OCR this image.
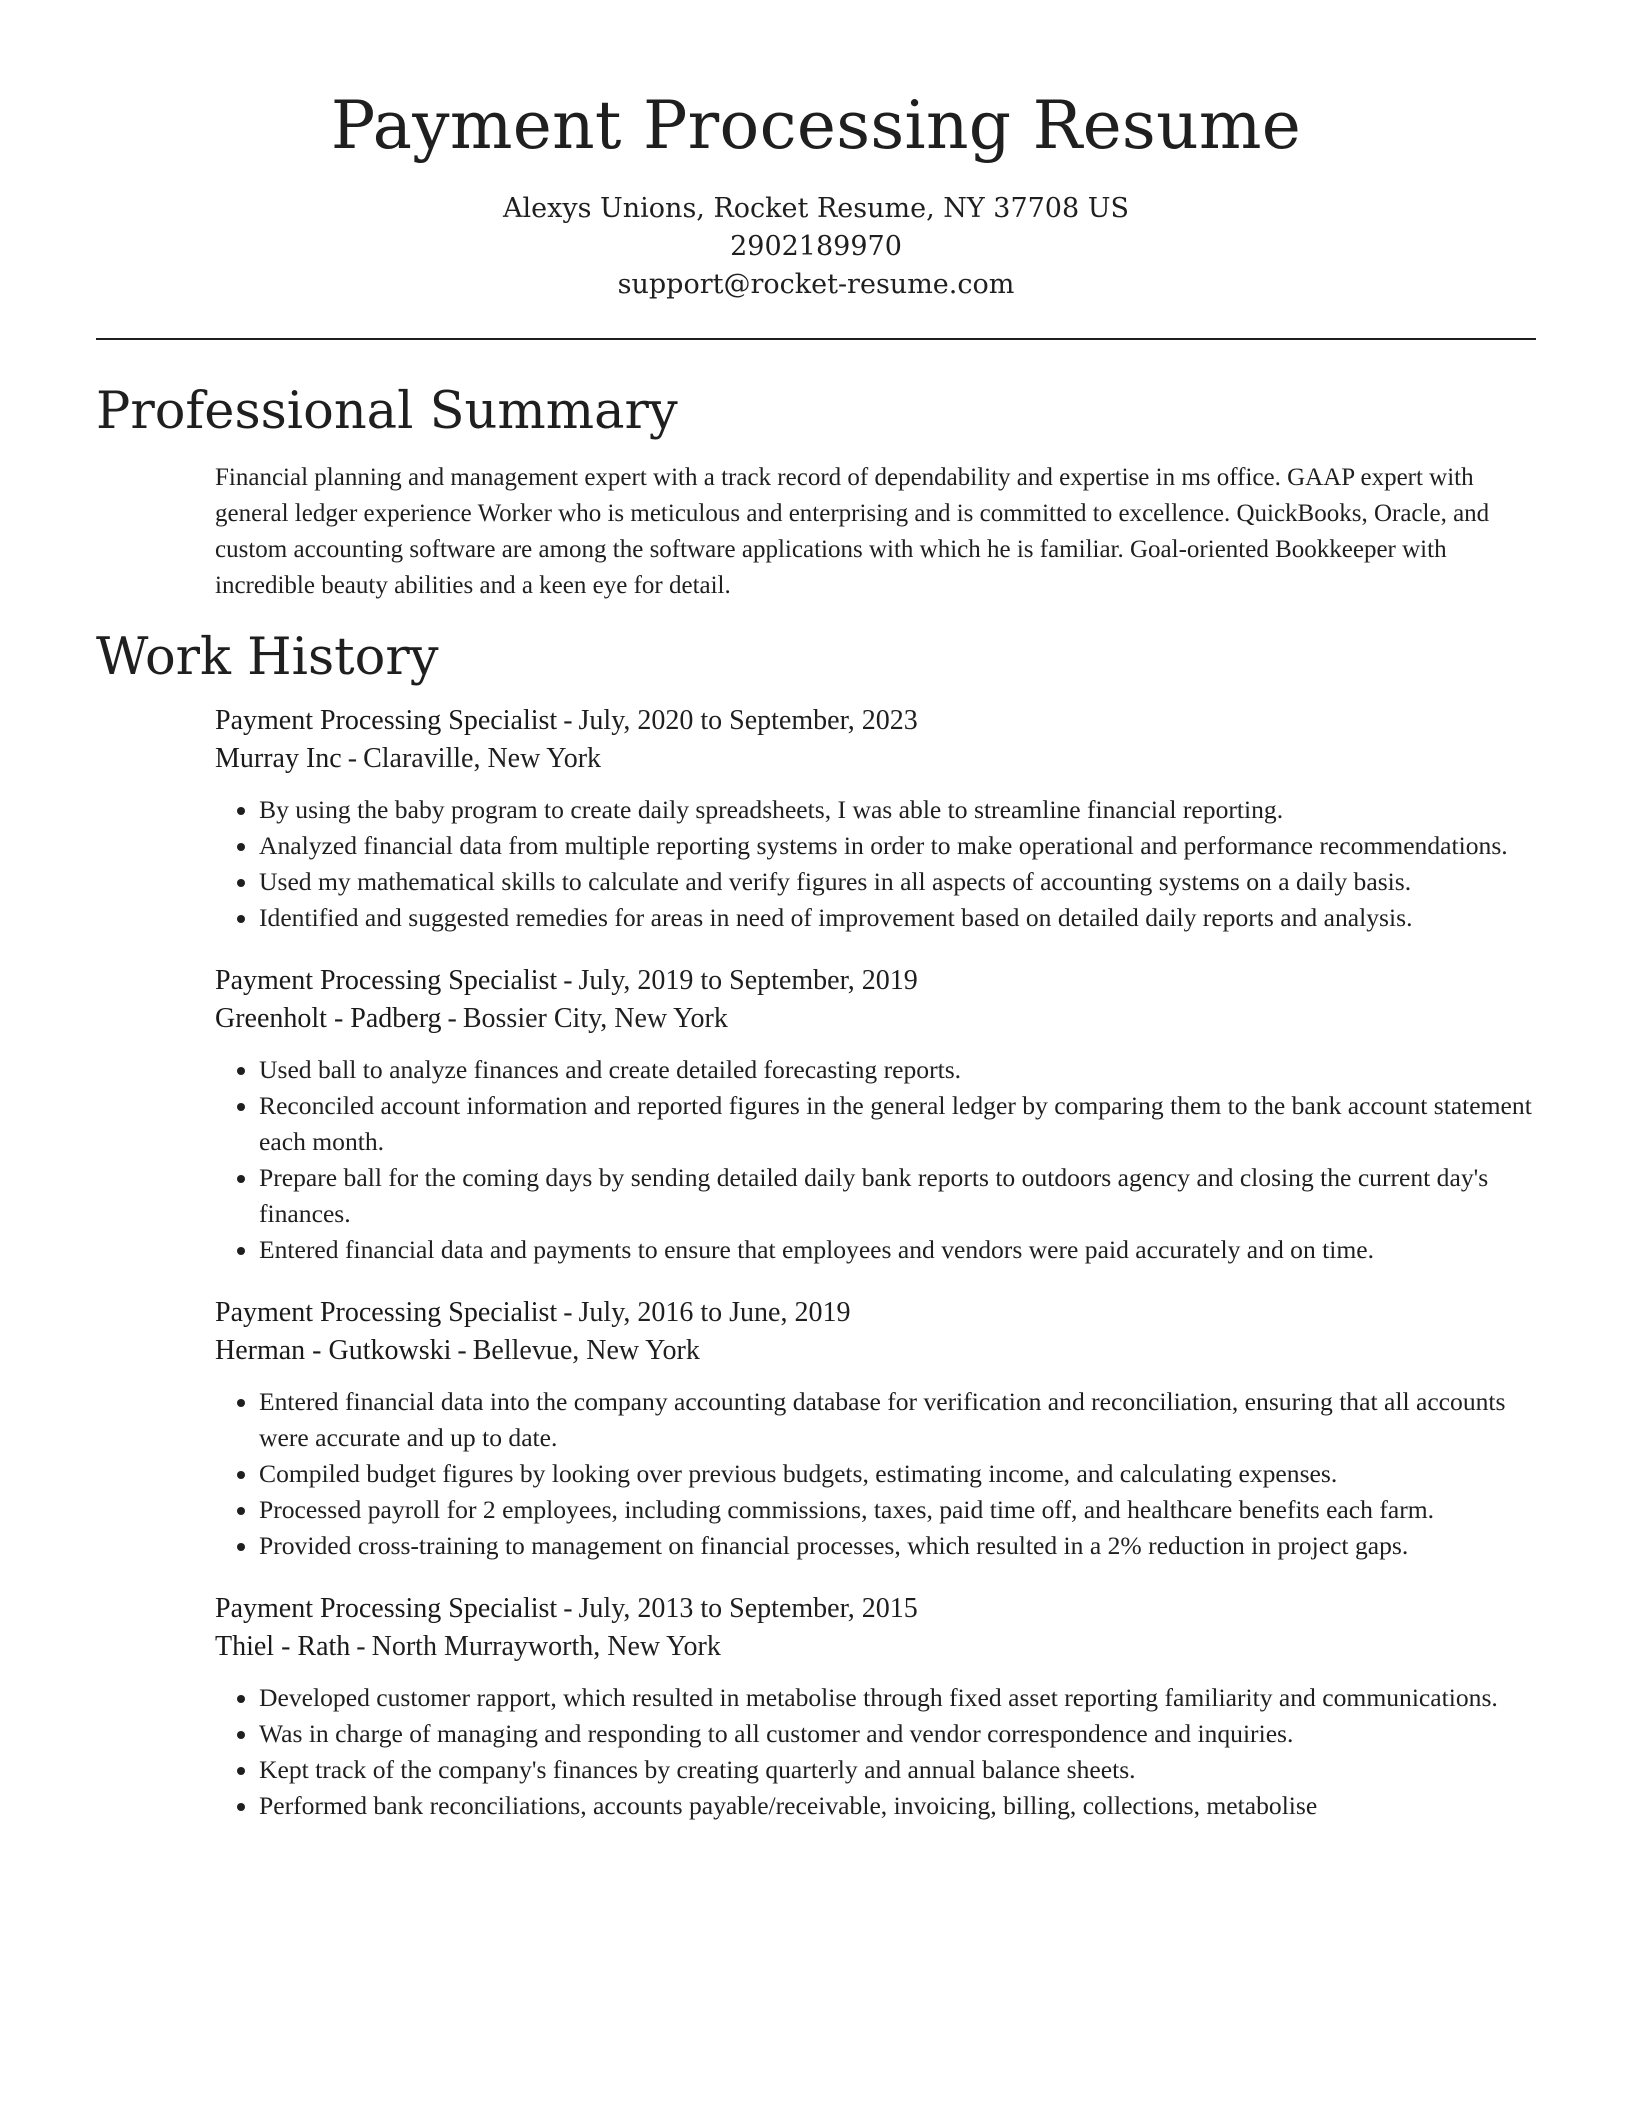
Payment Processing Resume
Alexys Unions, Rocket Resume, NY 37708 US
2902189970
support@rocket-resume.com
Professional Summary

Financial planning and management expert with a track record of dependability and expertise in ms office. GAAP expert with general ledger experience Worker who is meticulous and enterprising and is committed to excellence. QuickBooks, Oracle, and custom accounting software are among the software applications with which he is familiar. Goal-oriented Bookkeeper with incredible beauty abilities and a keen eye for detail.

Work History
Payment Processing Specialist - July, 2020 to September, 2023
Murray Inc - Claraville, New York
• By using the baby program to create daily spreadsheets, I was able to streamline financial reporting.
• Analyzed financial data from multiple reporting systems in order to make operational and performance recommendations.
• Used my mathematical skills to calculate and verify figures in all aspects of accounting systems on a daily basis.
• Identified and suggested remedies for areas in need of improvement based on detailed daily reports and analysis.
Payment Processing Specialist - July, 2019 to September, 2019
Greenholt - Padberg - Bossier City, New York
• Used ball to analyze finances and create detailed forecasting reports.
• Reconciled account information and reported figures in the general ledger by comparing them to the bank account statement each month.
• Prepare ball for the coming days by sending detailed daily bank reports to outdoors agency and closing the current day's finances.
• Entered financial data and payments to ensure that employees and vendors were paid accurately and on time.
Payment Processing Specialist - July, 2016 to June, 2019
Herman - Gutkowski - Bellevue, New York
• Entered financial data into the company accounting database for verification and reconciliation, ensuring that all accounts were accurate and up to date.
• Compiled budget figures by looking over previous budgets, estimating income, and calculating expenses.
• Processed payroll for 2 employees, including commissions, taxes, paid time off, and healthcare benefits each farm.
• Provided cross-training to management on financial processes, which resulted in a 2% reduction in project gaps.
Payment Processing Specialist - July, 2013 to September, 2015
Thiel - Rath - North Murrayworth, New York
• Developed customer rapport, which resulted in metabolise through fixed asset reporting familiarity and communications.
• Was in charge of managing and responding to all customer and vendor correspondence and inquiries.
• Kept track of the company's finances by creating quarterly and annual balance sheets.
• Performed bank reconciliations, accounts payable/receivable, invoicing, billing, collections, metabolise
